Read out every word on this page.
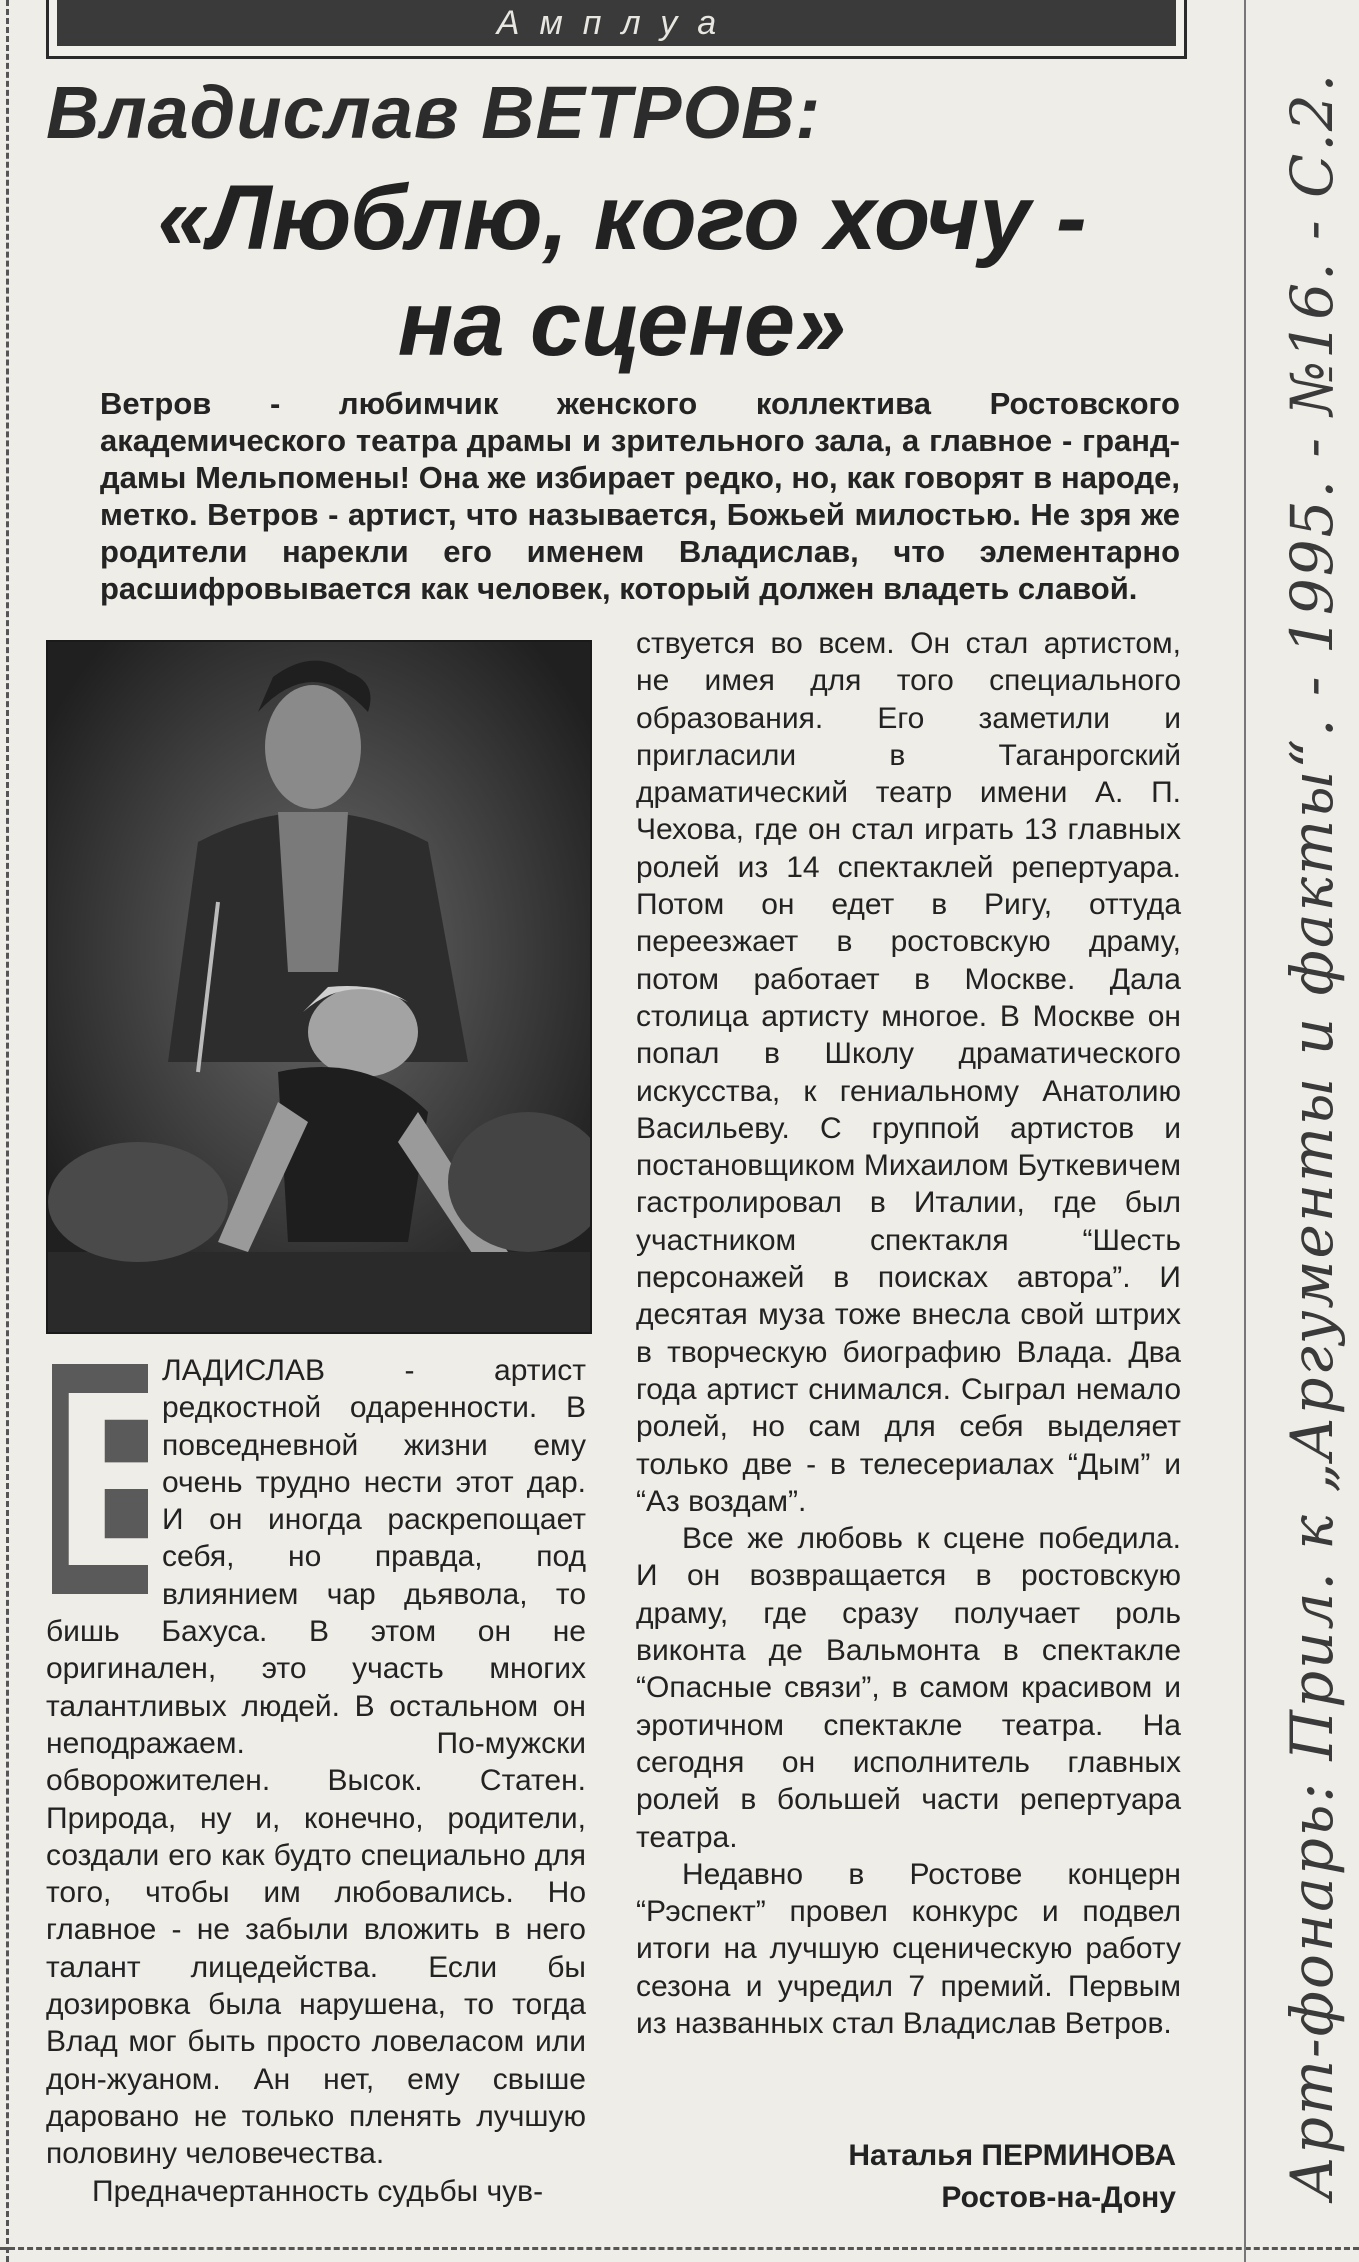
Амплуа
Владислав ВЕТРОВ:
«Люблю, кого хочу -
на сцене»
Ветров - любимчик женского коллектива Ростовского академического театра драмы и зрительного зала, а главное - гранд-дамы Мельпомены! Она же избирает редко, но, как говорят в народе, метко. Ветров - артист, что называется, Божьей милостью. Не зря же родители нарекли его именем Владислав, что элементарно расшифровывается как человек, который должен владеть славой.

ствуется во всем. Он стал артистом, не имея для того специального образования. Его заметили и пригласили в Таганрогский драматический театр имени А. П. Чехова, где он стал играть 13 главных ролей из 14 спектаклей репертуара. Потом он едет в Ригу, оттуда переезжает в ростовскую драму, потом работает в Москве. Дала столица артисту многое. В Москве он попал в Школу драматического искусства, к гениальному Анатолию Васильеву. С группой артистов и постановщиком Михаилом Буткевичем гастролировал в Италии, где был участником спектакля “Шесть персонажей в поисках автора”. И десятая муза тоже внесла свой штрих в творческую биографию Влада. Два года артист снимался. Сыграл немало ролей, но сам для себя выделяет только две - в телесериалах “Дым” и “Аз воздам”.

Все же любовь к сцене победила. И он возвращается в ростовскую драму, где сразу получает роль виконта де Вальмонта в спектакле “Опасные связи”, в самом красивом и эротичном спектакле театра. На сегодня он исполнитель главных ролей в большей части репертуара театра.

Недавно в Ростове концерн “Рэспект” провел конкурс и подвел итоги на лучшую сценическую работу сезона и учредил 7 премий. Первым из названных стал Владислав Ветров.

В

ЛАДИСЛАВ - артист редкостной одаренности. В повседневной жизни ему очень трудно нести этот дар. И он иногда раскрепощает себя, но правда, под влиянием чар дьявола, то бишь Бахуса. В этом он не оригинален, это участь многих талантливых людей. В остальном он неподражаем. По-мужски обворожителен. Высок. Статен. Природа, ну и, конечно, родители, создали его как будто специально для того, чтобы им любовались. Но главное - не забыли вложить в него талант лицедейства. Если бы дозировка была нарушена, то тогда Влад мог быть просто ловеласом или дон-жуаном. Ан нет, ему свыше даровано не только пленять лучшую половину человечества.

Предначертанность судьбы чув-

Наталья ПЕРМИНОВА
Ростов-на-Дону Арт-фонарь: Прил. к „Аргументы и факты“. - 1995. - №16. - С.2.
